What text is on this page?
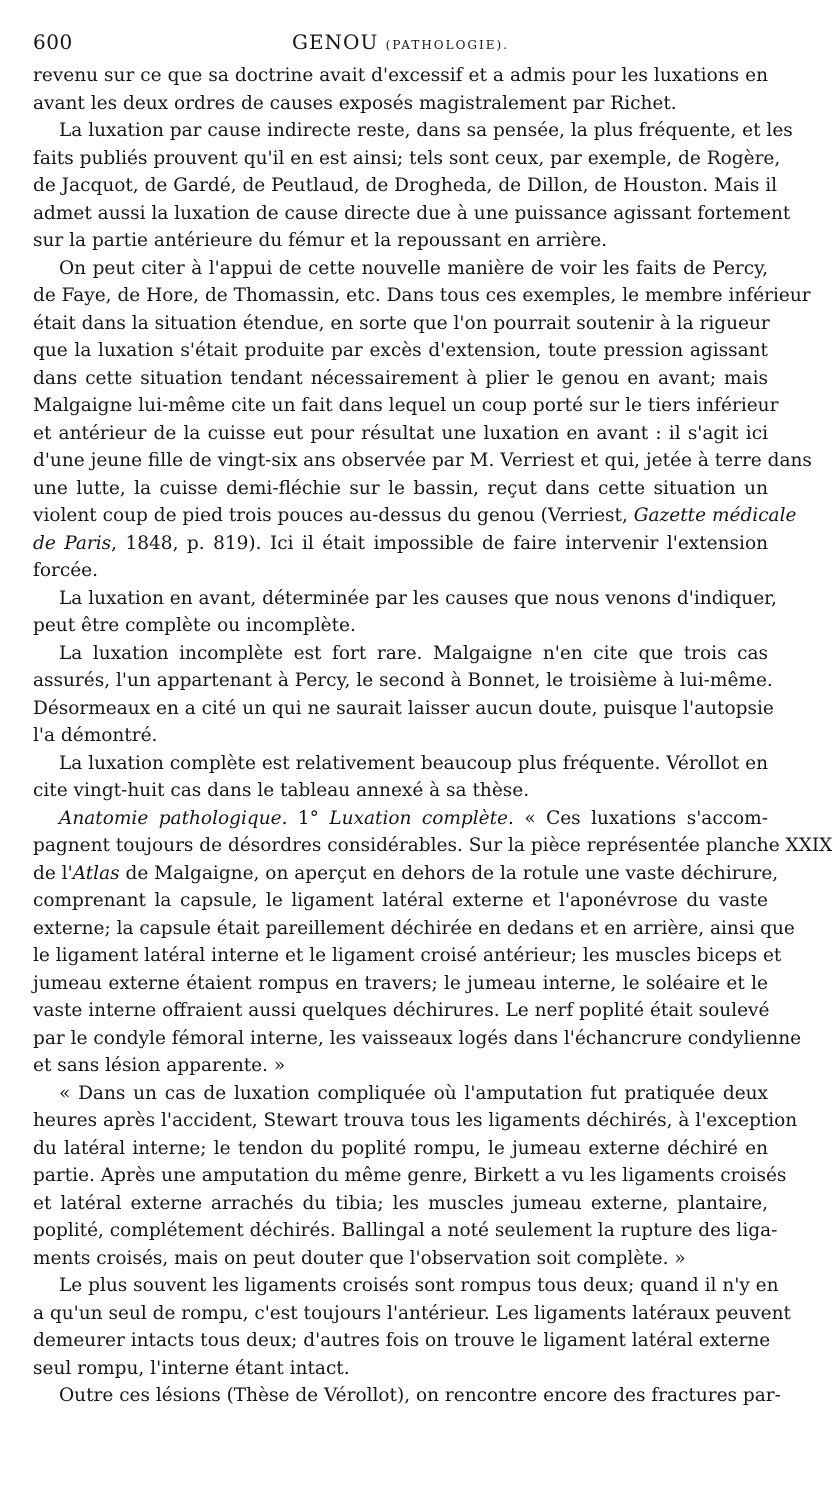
600	GENOU (PATHOLOGIE).
revenu sur ce que sa doctrine avait d'excessif et a admis pour les luxations en
avant les deux ordres de causes exposés magistralement par Richet.
La luxation par cause indirecte reste, dans sa pensée, la plus fréquente, et les
faits publiés prouvent qu'il en est ainsi; tels sont ceux, par exemple, de Rogère,
de Jacquot, de Gardé, de Peutlaud, de Drogheda, de Dillon, de Houston. Mais il
admet aussi la luxation de cause directe due à une puissance agissant fortement
sur la partie antérieure du fémur et la repoussant en arrière.
On peut citer à l'appui de cette nouvelle manière de voir les faits de Percy,
de Faye, de Hore, de Thomassin, etc. Dans tous ces exemples, le membre inférieur
était dans la situation étendue, en sorte que l'on pourrait soutenir à la rigueur
que la luxation s'était produite par excès d'extension, toute pression agissant
dans cette situation tendant nécessairement à plier le genou en avant; mais
Malgaigne lui-même cite un fait dans lequel un coup porté sur le tiers inférieur
et antérieur de la cuisse eut pour résultat une luxation en avant : il s'agit ici
d'une jeune fille de vingt-six ans observée par M. Verriest et qui, jetée à terre dans
une lutte, la cuisse demi-fléchie sur le bassin, reçut dans cette situation un
violent coup de pied trois pouces au-dessus du genou (Verriest, Gazette médicale
de Paris, 1848, p. 819). Ici il était impossible de faire intervenir l'extension
forcée.
La luxation en avant, déterminée par les causes que nous venons d'indiquer,
peut être complète ou incomplète.
La luxation incomplète est fort rare. Malgaigne n'en cite que trois cas
assurés, l'un appartenant à Percy, le second à Bonnet, le troisième à lui-même.
Désormeaux en a cité un qui ne saurait laisser aucun doute, puisque l'autopsie
l'a démontré.
La luxation complète est relativement beaucoup plus fréquente. Vérollot en
cite vingt-huit cas dans le tableau annexé à sa thèse.
Anatomie pathologique. 1° Luxation complète. « Ces luxations s'accom-
pagnent toujours de désordres considérables. Sur la pièce représentée planche XXIX
de l'Atlas de Malgaigne, on aperçut en dehors de la rotule une vaste déchirure,
comprenant la capsule, le ligament latéral externe et l'aponévrose du vaste
externe; la capsule était pareillement déchirée en dedans et en arrière, ainsi que
le ligament latéral interne et le ligament croisé antérieur; les muscles biceps et
jumeau externe étaient rompus en travers; le jumeau interne, le soléaire et le
vaste interne offraient aussi quelques déchirures. Le nerf poplité était soulevé
par le condyle fémoral interne, les vaisseaux logés dans l'échancrure condylienne
et sans lésion apparente. »
« Dans un cas de luxation compliquée où l'amputation fut pratiquée deux
heures après l'accident, Stewart trouva tous les ligaments déchirés, à l'exception
du latéral interne; le tendon du poplité rompu, le jumeau externe déchiré en
partie. Après une amputation du même genre, Birkett a vu les ligaments croisés
et latéral externe arrachés du tibia; les muscles jumeau externe, plantaire,
poplité, complétement déchirés. Ballingal a noté seulement la rupture des liga-
ments croisés, mais on peut douter que l'observation soit complète. »
Le plus souvent les ligaments croisés sont rompus tous deux; quand il n'y en
a qu'un seul de rompu, c'est toujours l'antérieur. Les ligaments latéraux peuvent
demeurer intacts tous deux; d'autres fois on trouve le ligament latéral externe
seul rompu, l'interne étant intact.
Outre ces lésions (Thèse de Vérollot), on rencontre encore des fractures par-
